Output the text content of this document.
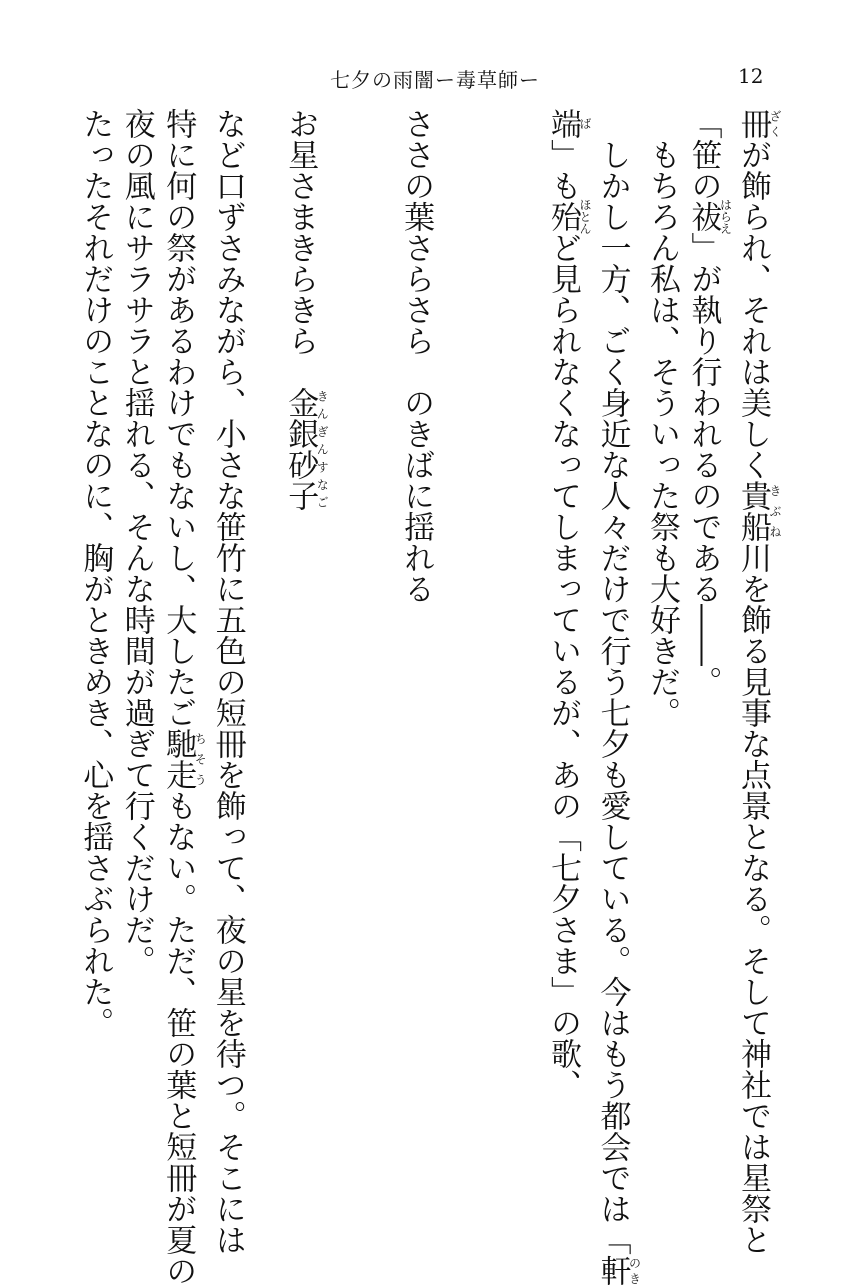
七夕の雨闇ー毒草師ー	12
冊ざくが飾られ、それは美しく貴船きぶね川を飾る見事な点景となる。そして神社では星祭と
「笹の祓はらえ」が執り行われるのである――。
　もちろん私は、そういった祭も大好きだ。
　しかし一方、ごく身近な人々だけで行う七夕も愛している。今はもう都会では「軒のき
端ば」も殆ほとんど見られなくなってしまっているが、あの「七夕さま」の歌、
ささの葉さらさら　のきばに揺れる
お星さまきらきら　金銀砂子きんぎんすなご
など口ずさみながら、小さな笹竹に五色の短冊を飾って、夜の星を待つ。そこには
特に何の祭があるわけでもないし、大したご馳走ちそうもない。ただ、笹の葉と短冊が夏の
夜の風にサラサラと揺れる、そんな時間が過ぎて行くだけだ。
たったそれだけのことなのに、胸がときめき、心を揺さぶられた。
